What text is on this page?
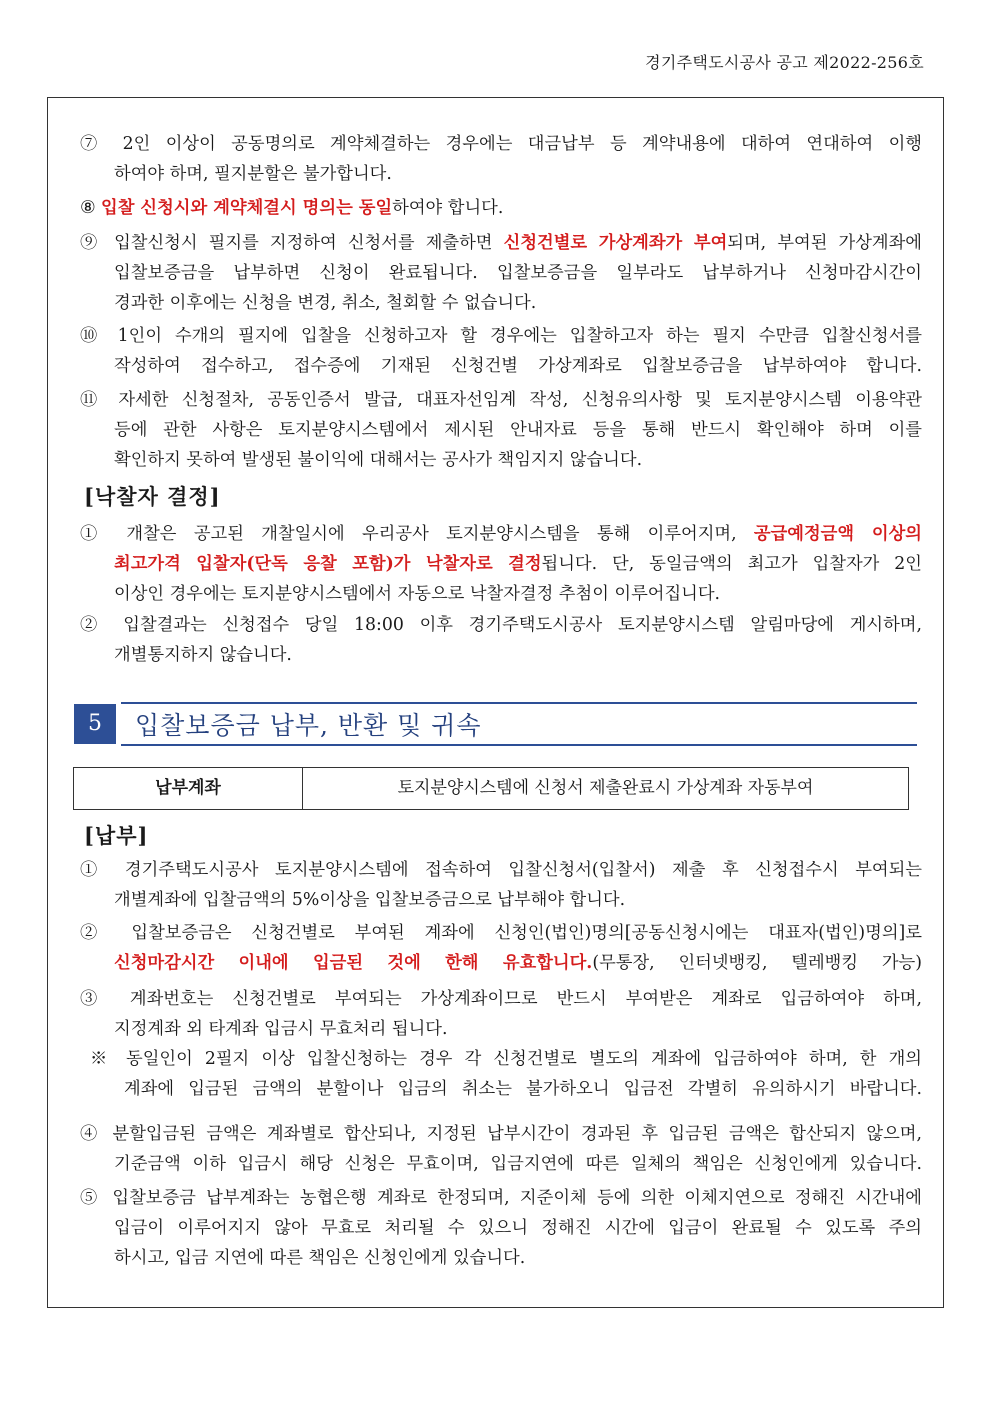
경기주택도시공사 공고 제2022-256호
⑦ 2인 이상이 공동명의로 계약체결하는 경우에는 대금납부 등 계약내용에 대하여 연대하여 이행
하여야 하며, 필지분할은 불가합니다.
⑧ 입찰 신청시와 계약체결시 명의는 동일하여야 합니다.
⑨ 입찰신청시 필지를 지정하여 신청서를 제출하면 신청건별로 가상계좌가 부여되며, 부여된 가상계좌에
입찰보증금을 납부하면 신청이 완료됩니다. 입찰보증금을 일부라도 납부하거나 신청마감시간이
경과한 이후에는 신청을 변경, 취소, 철회할 수 없습니다.
⑩ 1인이 수개의 필지에 입찰을 신청하고자 할 경우에는 입찰하고자 하는 필지 수만큼 입찰신청서를
작성하여 접수하고, 접수증에 기재된 신청건별 가상계좌로 입찰보증금을 납부하여야 합니다.
⑪ 자세한 신청절차, 공동인증서 발급, 대표자선임계 작성, 신청유의사항 및 토지분양시스템 이용약관
등에 관한 사항은 토지분양시스템에서 제시된 안내자료 등을 통해 반드시 확인해야 하며 이를
확인하지 못하여 발생된 불이익에 대해서는 공사가 책임지지 않습니다.
[낙찰자 결정]
① 개찰은 공고된 개찰일시에 우리공사 토지분양시스템을 통해 이루어지며, 공급예정금액 이상의
최고가격 입찰자(단독 응찰 포함)가 낙찰자로 결정됩니다. 단, 동일금액의 최고가 입찰자가 2인
이상인 경우에는 토지분양시스템에서 자동으로 낙찰자결정 추첨이 이루어집니다.
② 입찰결과는 신청접수 당일 18:00 이후 경기주택도시공사 토지분양시스템 알림마당에 게시하며,
개별통지하지 않습니다.
5	입찰보증금 납부, 반환 및 귀속
납부계좌	토지분양시스템에 신청서 제출완료시 가상계좌 자동부여
[납부]
① 경기주택도시공사 토지분양시스템에 접속하여 입찰신청서(입찰서) 제출 후 신청접수시 부여되는
개별계좌에 입찰금액의 5%이상을 입찰보증금으로 납부해야 합니다.
② 입찰보증금은 신청건별로 부여된 계좌에 신청인(법인)명의[공동신청시에는 대표자(법인)명의]로
신청마감시간 이내에 입금된 것에 한해 유효합니다.(무통장, 인터넷뱅킹, 텔레뱅킹 가능)
③ 계좌번호는 신청건별로 부여되는 가상계좌이므로 반드시 부여받은 계좌로 입금하여야 하며,
지정계좌 외 타계좌 입금시 무효처리 됩니다.
※ 동일인이 2필지 이상 입찰신청하는 경우 각 신청건별로 별도의 계좌에 입금하여야 하며, 한 개의
계좌에 입금된 금액의 분할이나 입금의 취소는 불가하오니 입금전 각별히 유의하시기 바랍니다.
④ 분할입금된 금액은 계좌별로 합산되나, 지정된 납부시간이 경과된 후 입금된 금액은 합산되지 않으며,
기준금액 이하 입금시 해당 신청은 무효이며, 입금지연에 따른 일체의 책임은 신청인에게 있습니다.
⑤ 입찰보증금 납부계좌는 농협은행 계좌로 한정되며, 지준이체 등에 의한 이체지연으로 정해진 시간내에
입금이 이루어지지 않아 무효로 처리될 수 있으니 정해진 시간에 입금이 완료될 수 있도록 주의
하시고, 입금 지연에 따른 책임은 신청인에게 있습니다.
